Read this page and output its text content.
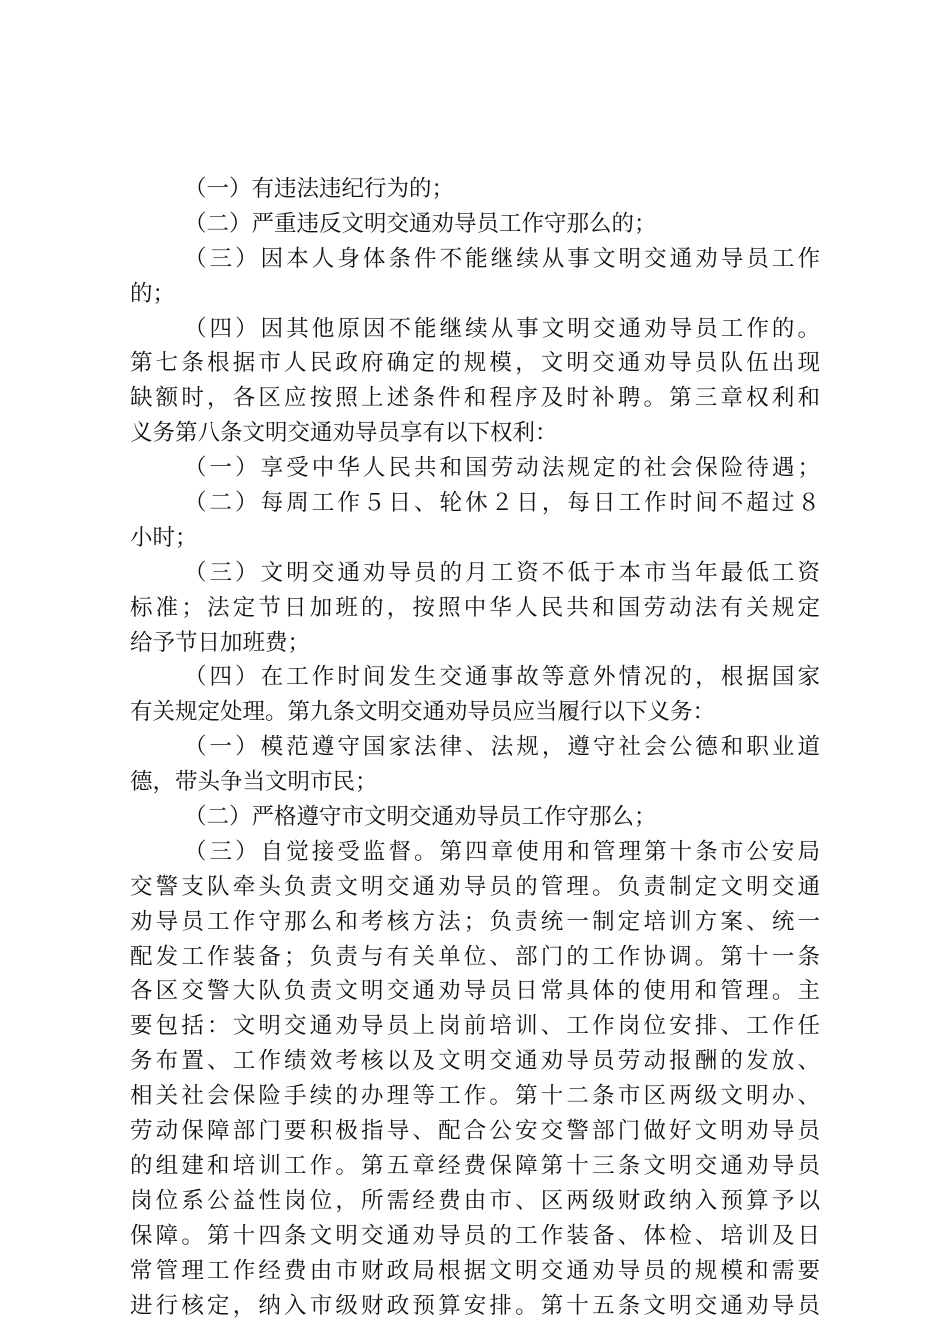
（一）有违法违纪行为的；
（二）严重违反文明交通劝导员工作守那么的；
（三）因本人身体条件不能继续从事文明交通劝导员工作
的；
（四）因其他原因不能继续从事文明交通劝导员工作的。
第七条根据市人民政府确定的规模，文明交通劝导员队伍出现
缺额时，各区应按照上述条件和程序及时补聘。第三章权利和
义务第八条文明交通劝导员享有以下权利：
（一）享受中华人民共和国劳动法规定的社会保险待遇；
（二）每周工作５日、轮休２日，每日工作时间不超过８
小时；
（三）文明交通劝导员的月工资不低于本市当年最低工资
标准；法定节日加班的，按照中华人民共和国劳动法有关规定
给予节日加班费；
（四）在工作时间发生交通事故等意外情况的，根据国家
有关规定处理。第九条文明交通劝导员应当履行以下义务：
（一）模范遵守国家法律、法规，遵守社会公德和职业道
德，带头争当文明市民；
（二）严格遵守市文明交通劝导员工作守那么；
（三）自觉接受监督。第四章使用和管理第十条市公安局
交警支队牵头负责文明交通劝导员的管理。负责制定文明交通
劝导员工作守那么和考核方法；负责统一制定培训方案、统一
配发工作装备；负责与有关单位、部门的工作协调。第十一条
各区交警大队负责文明交通劝导员日常具体的使用和管理。主
要包括：文明交通劝导员上岗前培训、工作岗位安排、工作任
务布置、工作绩效考核以及文明交通劝导员劳动报酬的发放、
相关社会保险手续的办理等工作。第十二条市区两级文明办、
劳动保障部门要积极指导、配合公安交警部门做好文明劝导员
的组建和培训工作。第五章经费保障第十三条文明交通劝导员
岗位系公益性岗位，所需经费由市、区两级财政纳入预算予以
保障。第十四条文明交通劝导员的工作装备、体检、培训及日
常管理工作经费由市财政局根据文明交通劝导员的规模和需要
进行核定，纳入市级财政预算安排。第十五条文明交通劝导员
